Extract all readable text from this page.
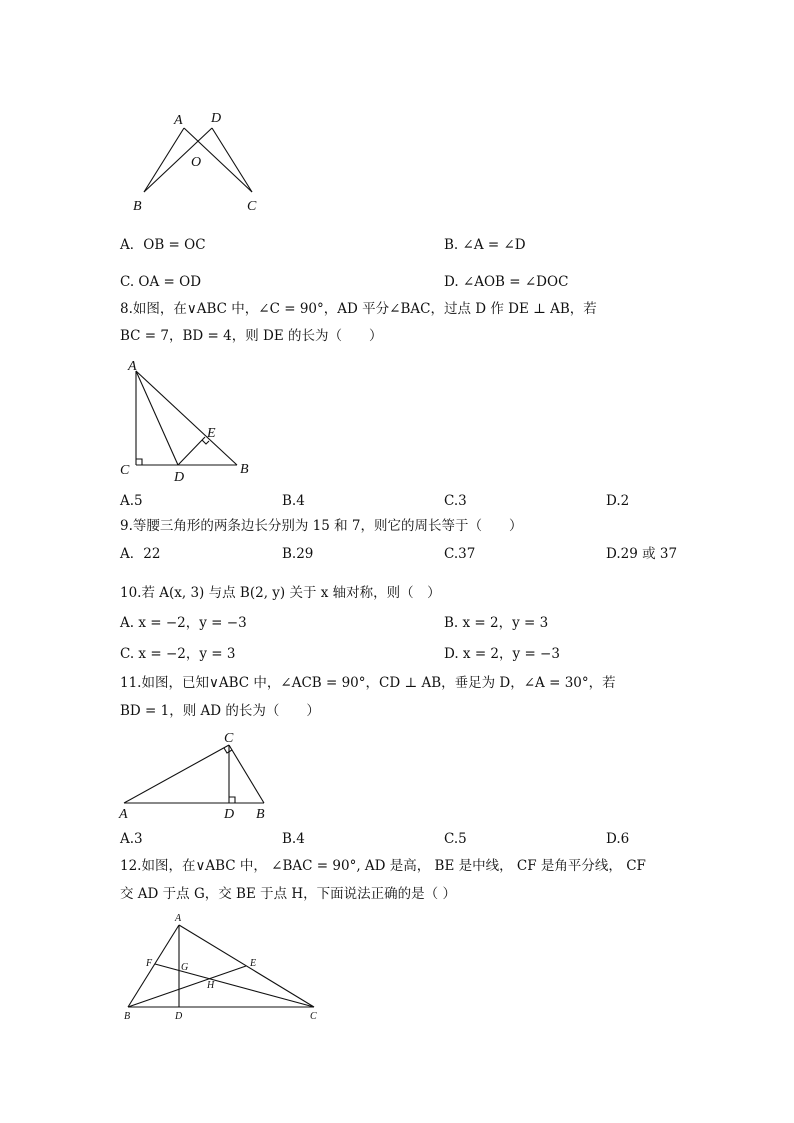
A D
O
B	C
A．OB = OC	B. ∠A = ∠D
C. OA = OD	D. ∠AOB = ∠DOC
8.如图，在∨ABC 中，∠C = 90°，AD 平分∠BAC，过点 D 作 DE ⊥ AB，若
BC = 7，BD = 4，则 DE 的长为（　　）
A
C	D
E
B
A.5	B.4	C.3	D.2
9.等腰三角形的两条边长分别为 15 和 7，则它的周长等于（　　）
A．22	B.29	C.37	D.29 或 37
10.若 A(x, 3) 与点 B(2, y) 关于 x 轴对称，则（　）
A. x = −2，y = −3	B. x = 2，y = 3
C. x = −2，y = 3	D. x = 2，y = −3
11.如图，已知∨ABC 中，∠ACB = 90°，CD ⊥ AB，垂足为 D，∠A = 30°，若
BD = 1，则 AD 的长为（　　）
C
A	D B
A.3	B.4	C.5	D.6
12.如图，在∨ABC 中， ∠BAC = 90°, AD 是高， BE 是中线， CF 是角平分线， CF
交 AD 于点 G，交 BE 于点 H，下面说法正确的是（ ）
A
F	G	E
H
B	D	C
